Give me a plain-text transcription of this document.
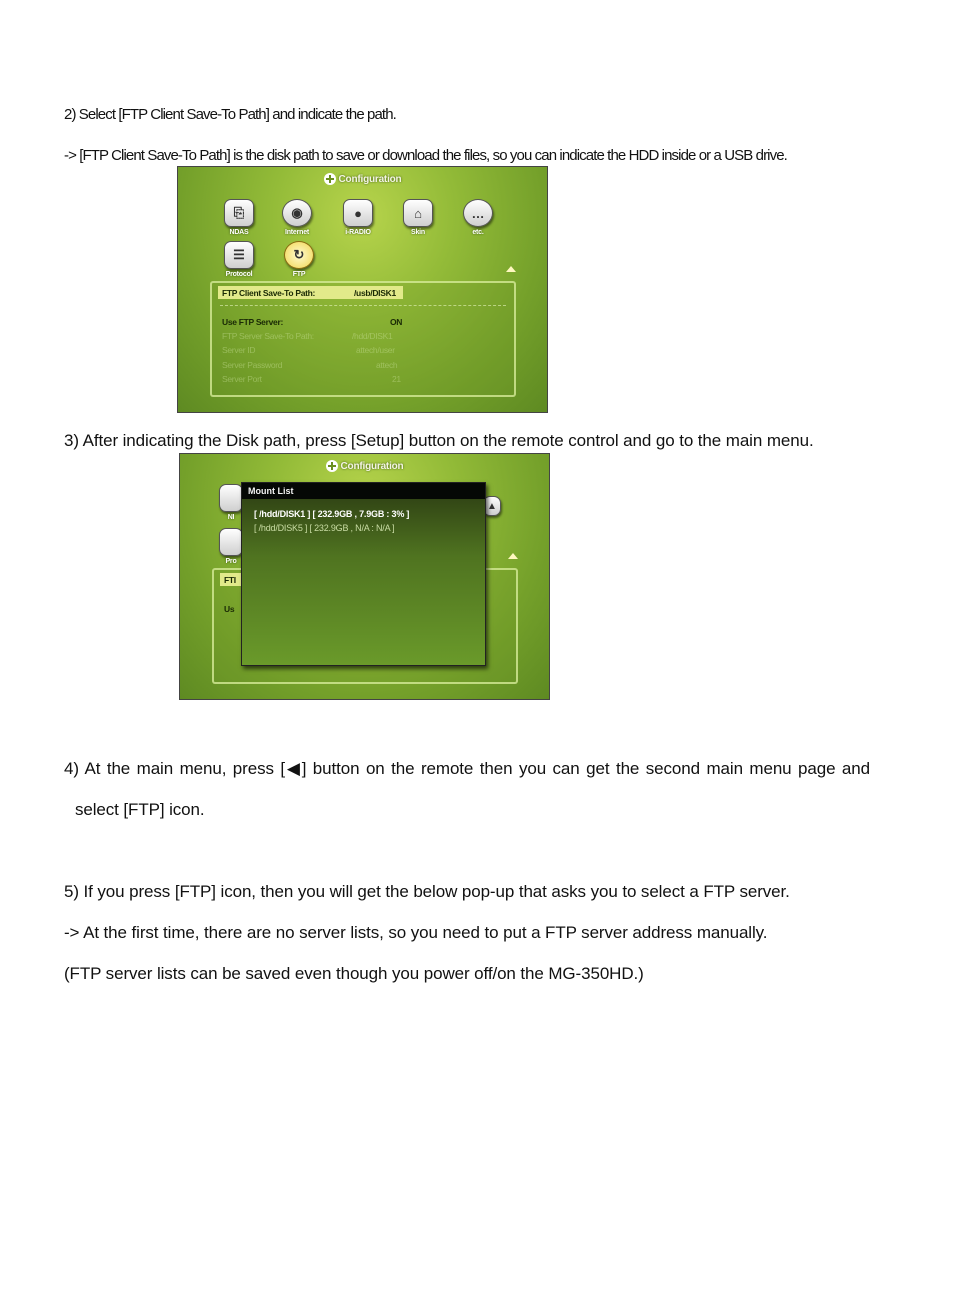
2) Select [FTP Client Save-To Path] and indicate the path.
-> [FTP Client Save-To Path] is the disk path to save or download the files, so you can indicate the HDD inside or a USB drive.
Configuration
⎘
NDAS
◉
Internet
●
i-RADIO
⌂
Skin
…
etc.
☰
Protocol
↻
FTP
FTP Client Save-To Path:	/usb/DISK1
Use FTP Server:	ON
FTP Server Save-To Path:	/hdd/DISK1
Server ID	attech/user
Server Password	attech
Server Port	21
3) After indicating the Disk path, press [Setup] button on the remote control and go to the main menu.
Configuration
NI
Pro
▲
FTI
Us
Mount List
[ /hdd/DISK1 ] [ 232.9GB , 7.9GB : 3% ]
[ /hdd/DISK5 ] [ 232.9GB , N/A : N/A ]
4) At the main menu, press [◀] button on the remote then you can get the second main menu page and
select [FTP] icon.
5) If you press [FTP] icon, then you will get the below pop-up that asks you to select a FTP server.
-> At the first time, there are no server lists, so you need to put a FTP server address manually.
(FTP server lists can be saved even though you power off/on the MG-350HD.)
